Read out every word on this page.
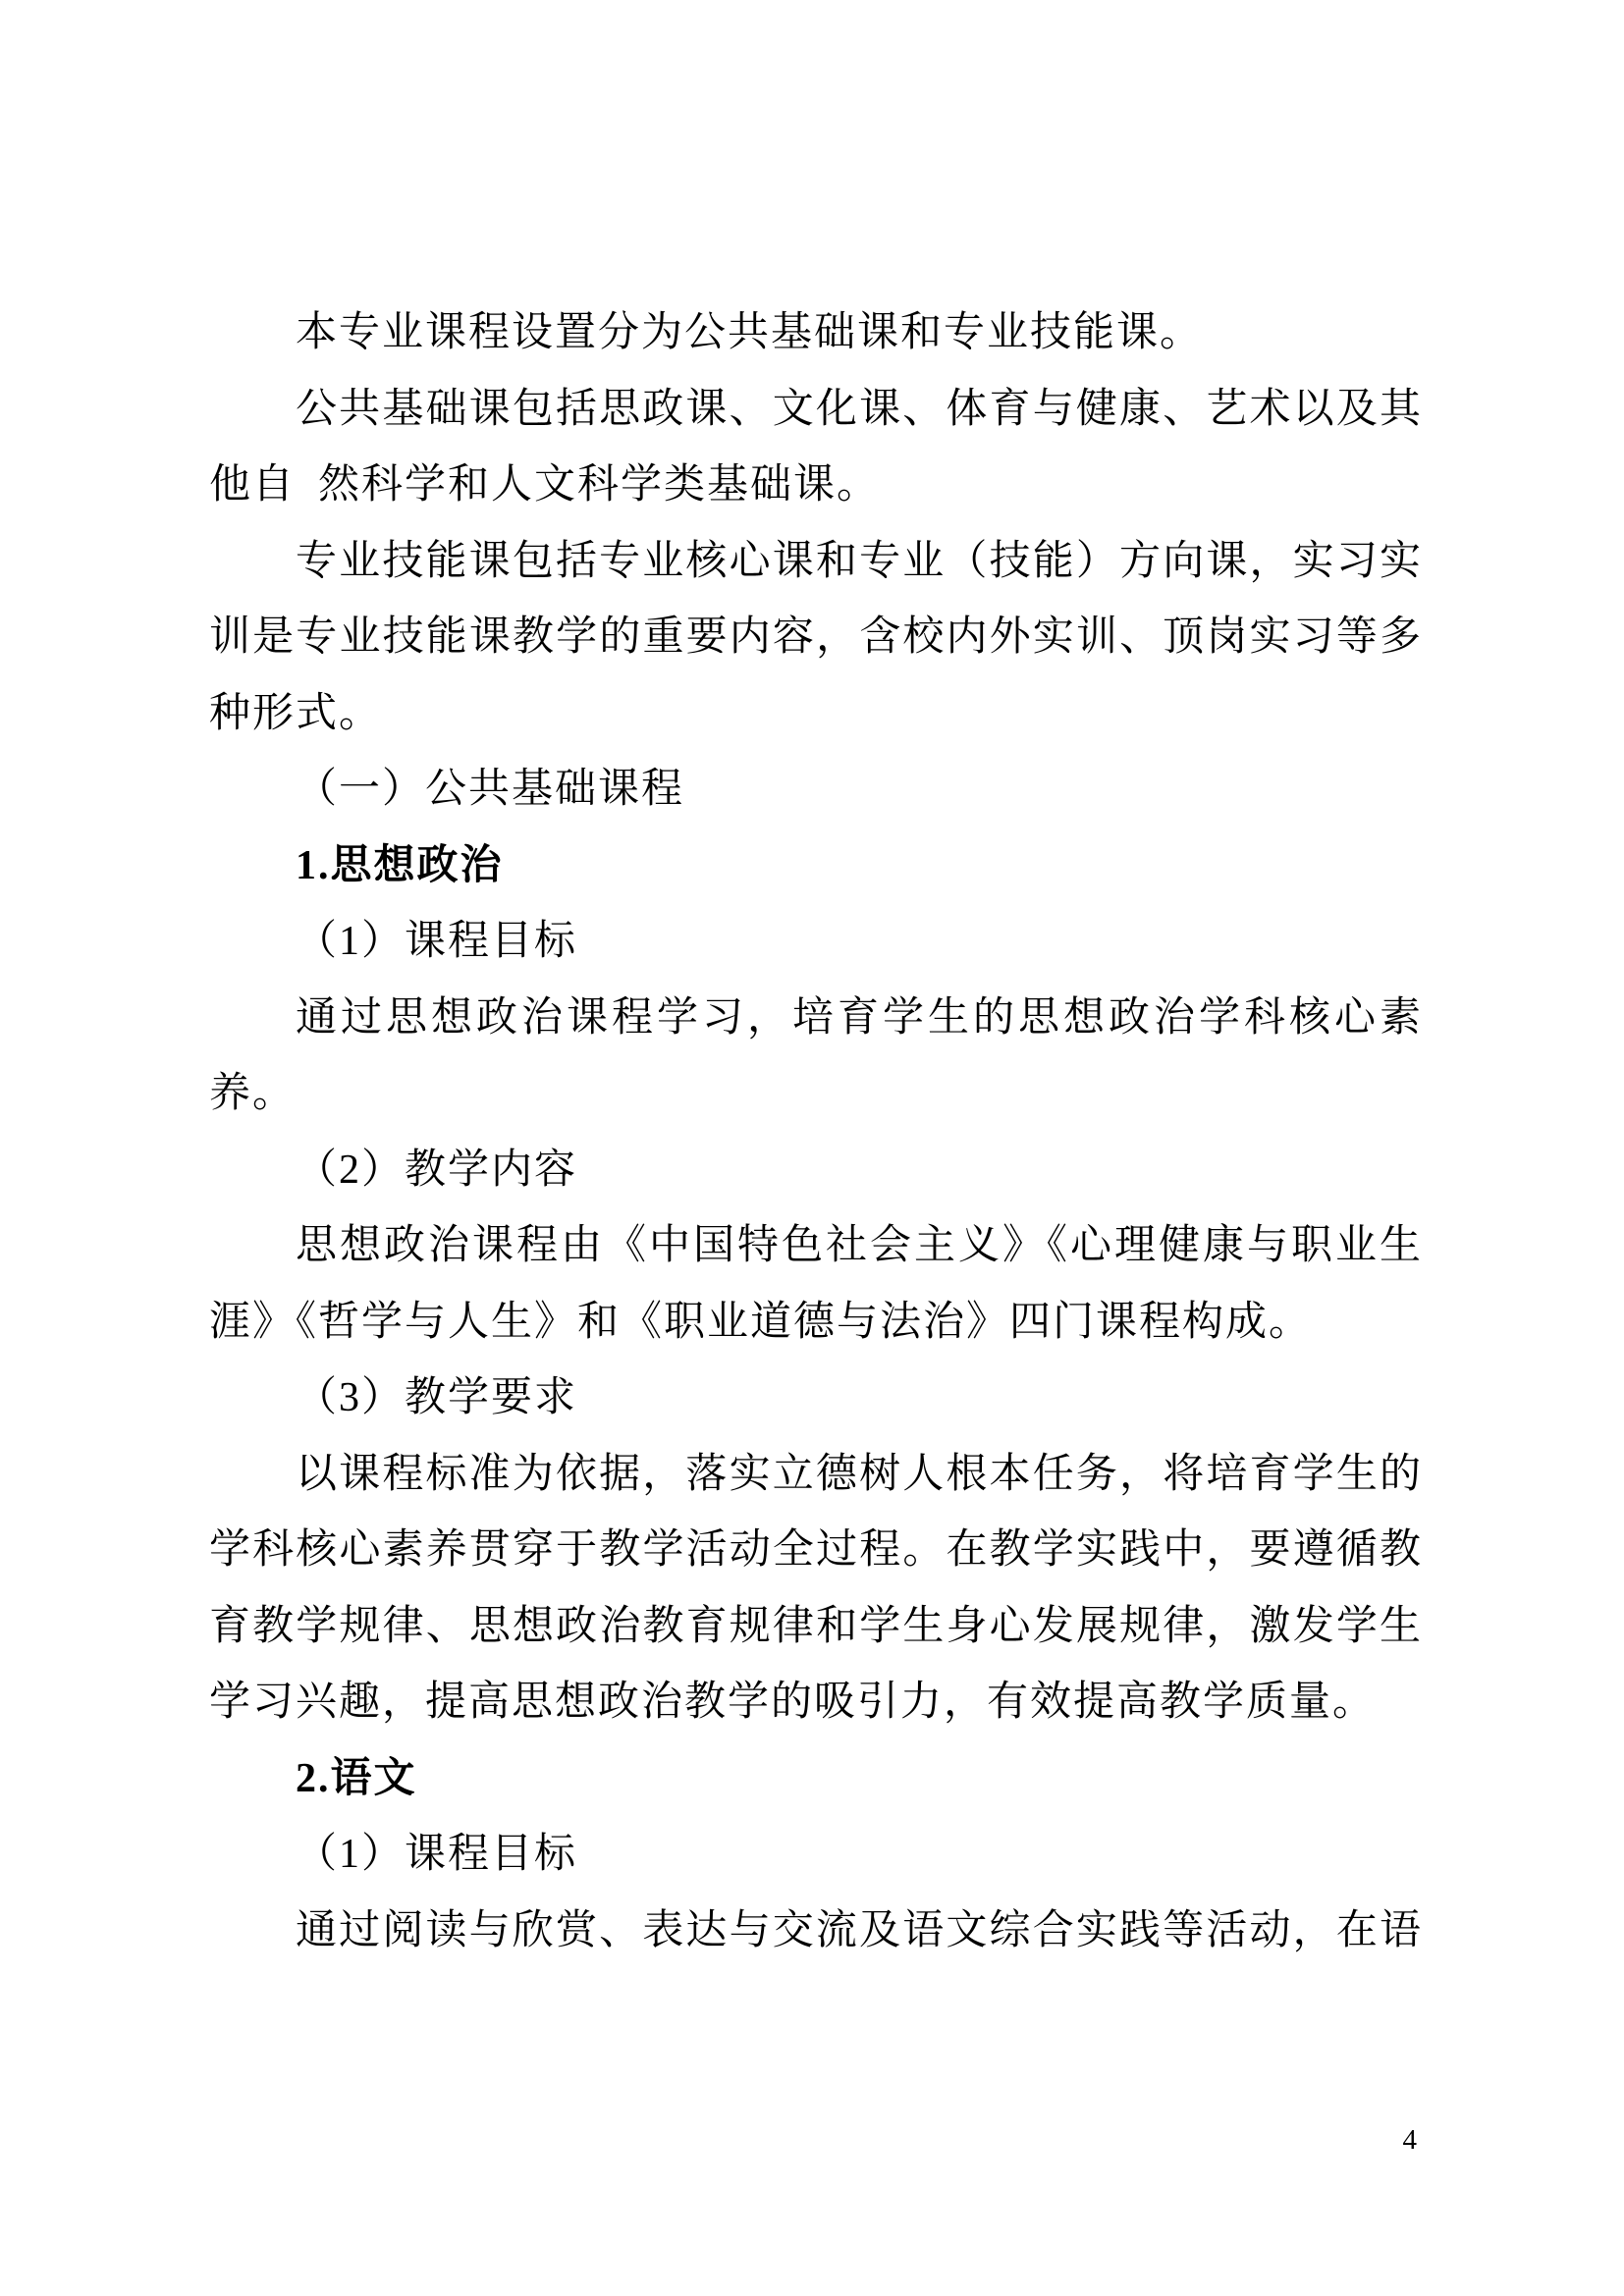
本专业课程设置分为公共基础课和专业技能课。
公共基础课包括思政课、文化课、体育与健康、艺术以及其
他自 然科学和人文科学类基础课。
专业技能课包括专业核心课和专业（技能）方向课，实习实
训是专业技能课教学的重要内容，含校内外实训、顶岗实习等多
种形式。
（一）公共基础课程
1.思想政治
（1）课程目标
通过思想政治课程学习，培育学生的思想政治学科核心素
养。
（2）教学内容
思想政治课程由《中国特色社会主义》《心理健康与职业生
涯》《哲学与人生》和《职业道德与法治》四门课程构成。
（3）教学要求
以课程标准为依据，落实立德树人根本任务，将培育学生的
学科核心素养贯穿于教学活动全过程。在教学实践中，要遵循教
育教学规律、思想政治教育规律和学生身心发展规律，激发学生
学习兴趣，提高思想政治教学的吸引力，有效提高教学质量。
2.语文
（1）课程目标
通过阅读与欣赏、表达与交流及语文综合实践等活动，在语
4
